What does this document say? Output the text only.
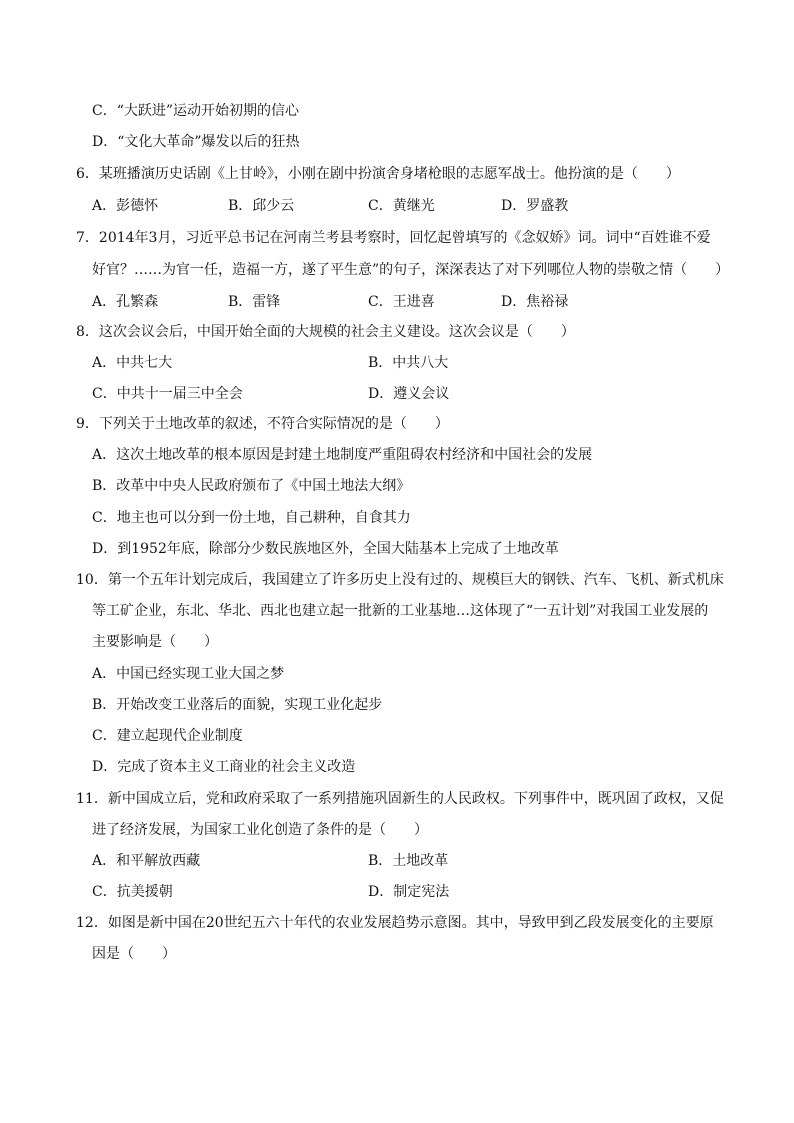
C．“大跃进”运动开始初期的信心
D．“文化大革命”爆发以后的狂热
6．某班播演历史话剧《上甘岭》，小刚在剧中扮演舍身堵枪眼的志愿军战士。他扮演的是（　　）
A．彭德怀	B．邱少云	C．黄继光	D．罗盛教
7．2014年3月，习近平总书记在河南兰考县考察时，回忆起曾填写的《念奴娇》词。词中“百姓谁不爱
好官？……为官一任，造福一方，遂了平生意”的句子，深深表达了对下列哪位人物的崇敬之情（　　）
A．孔繁森	B．雷锋	C．王进喜	D．焦裕禄
8．这次会议会后，中国开始全面的大规模的社会主义建设。这次会议是（　　）
A．中共七大	B．中共八大
C．中共十一届三中全会	D．遵义会议
9．下列关于土地改革的叙述，不符合实际情况的是（　　）
A．这次土地改革的根本原因是封建土地制度严重阻碍农村经济和中国社会的发展
B．改革中中央人民政府颁布了《中国土地法大纲》
C．地主也可以分到一份土地，自己耕种，自食其力
D．到1952年底，除部分少数民族地区外，全国大陆基本上完成了土地改革
10．第一个五年计划完成后，我国建立了许多历史上没有过的、规模巨大的钢铁、汽车、飞机、新式机床
等工矿企业，东北、华北、西北也建立起一批新的工业基地…这体现了“一五计划”对我国工业发展的
主要影响是（　　）
A．中国已经实现工业大国之梦
B．开始改变工业落后的面貌，实现工业化起步
C．建立起现代企业制度
D．完成了资本主义工商业的社会主义改造
11．新中国成立后，党和政府采取了一系列措施巩固新生的人民政权。下列事件中，既巩固了政权，又促
进了经济发展，为国家工业化创造了条件的是（　　）
A．和平解放西藏	B．土地改革
C．抗美援朝	D．制定宪法
12．如图是新中国在20世纪五六十年代的农业发展趋势示意图。其中，导致甲到乙段发展变化的主要原
因是（　　）
